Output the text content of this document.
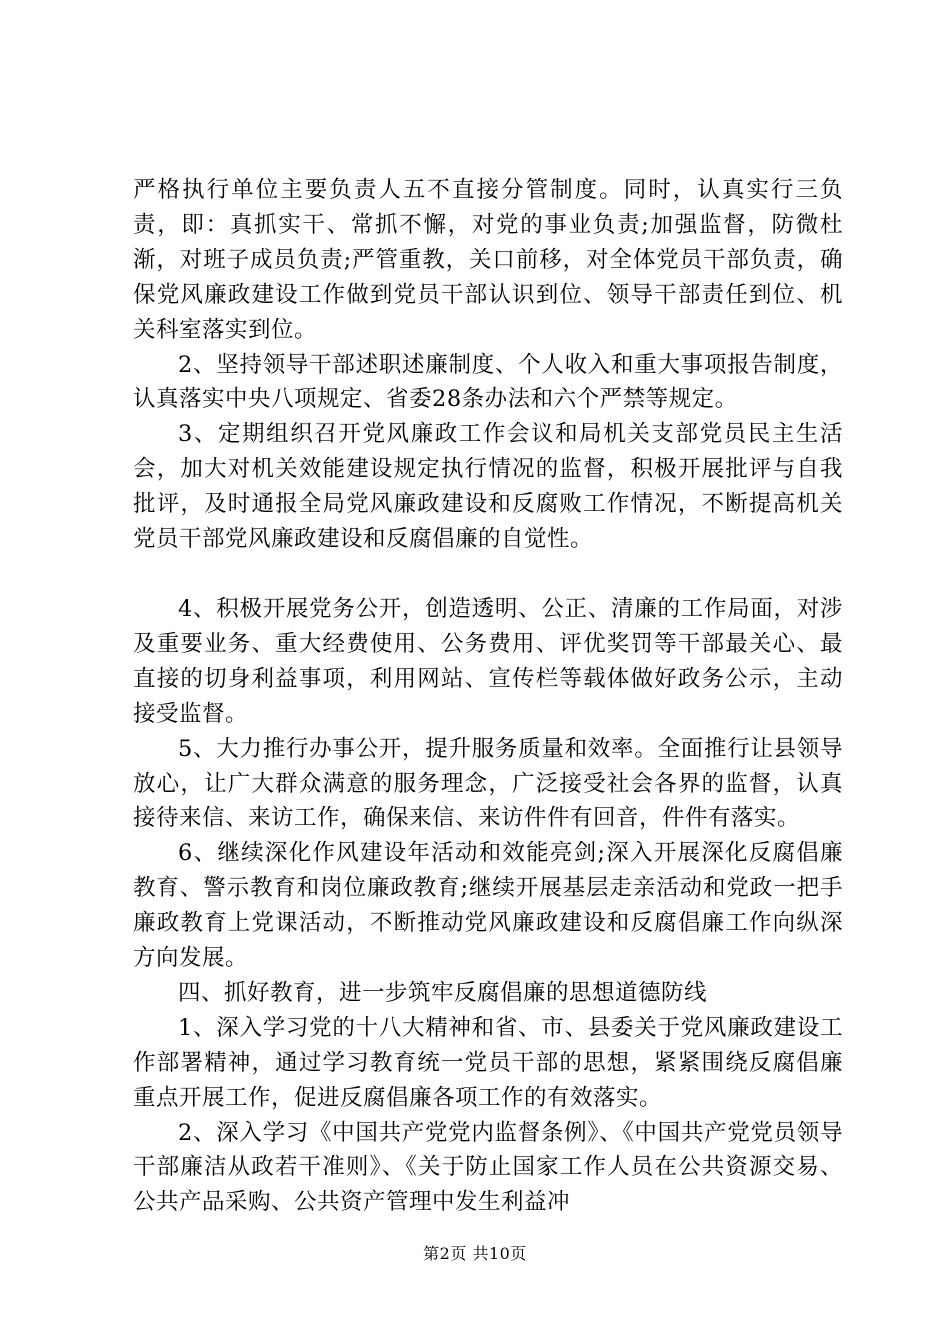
严格执行单位主要负责人五不直接分管制度。同时，认真实行三负责，即：真抓实干、常抓不懈，对党的事业负责;加强监督，防微杜渐，对班子成员负责;严管重教，关口前移，对全体党员干部负责，确保党风廉政建设工作做到党员干部认识到位、领导干部责任到位、机关科室落实到位。

2、坚持领导干部述职述廉制度、个人收入和重大事项报告制度，认真落实中央八项规定、省委28条办法和六个严禁等规定。

3、定期组织召开党风廉政工作会议和局机关支部党员民主生活会，加大对机关效能建设规定执行情况的监督，积极开展批评与自我批评，及时通报全局党风廉政建设和反腐败工作情况，不断提高机关党员干部党风廉政建设和反腐倡廉的自觉性。

4、积极开展党务公开，创造透明、公正、清廉的工作局面，对涉及重要业务、重大经费使用、公务费用、评优奖罚等干部最关心、最直接的切身利益事项，利用网站、宣传栏等载体做好政务公示，主动接受监督。

5、大力推行办事公开，提升服务质量和效率。全面推行让县领导放心，让广大群众满意的服务理念，广泛接受社会各界的监督，认真接待来信、来访工作，确保来信、来访件件有回音，件件有落实。

6、继续深化作风建设年活动和效能亮剑;深入开展深化反腐倡廉教育、警示教育和岗位廉政教育;继续开展基层走亲活动和党政一把手廉政教育上党课活动，不断推动党风廉政建设和反腐倡廉工作向纵深方向发展。

四、抓好教育，进一步筑牢反腐倡廉的思想道德防线

1、深入学习党的十八大精神和省、市、县委关于党风廉政建设工作部署精神，通过学习教育统一党员干部的思想，紧紧围绕反腐倡廉重点开展工作，促进反腐倡廉各项工作的有效落实。

2、深入学习《中国共产党党内监督条例》、《中国共产党党员领导干部廉洁从政若干准则》、《关于防止国家工作人员在公共资源交易、公共产品采购、公共资产管理中发生利益冲

第2页 共10页
